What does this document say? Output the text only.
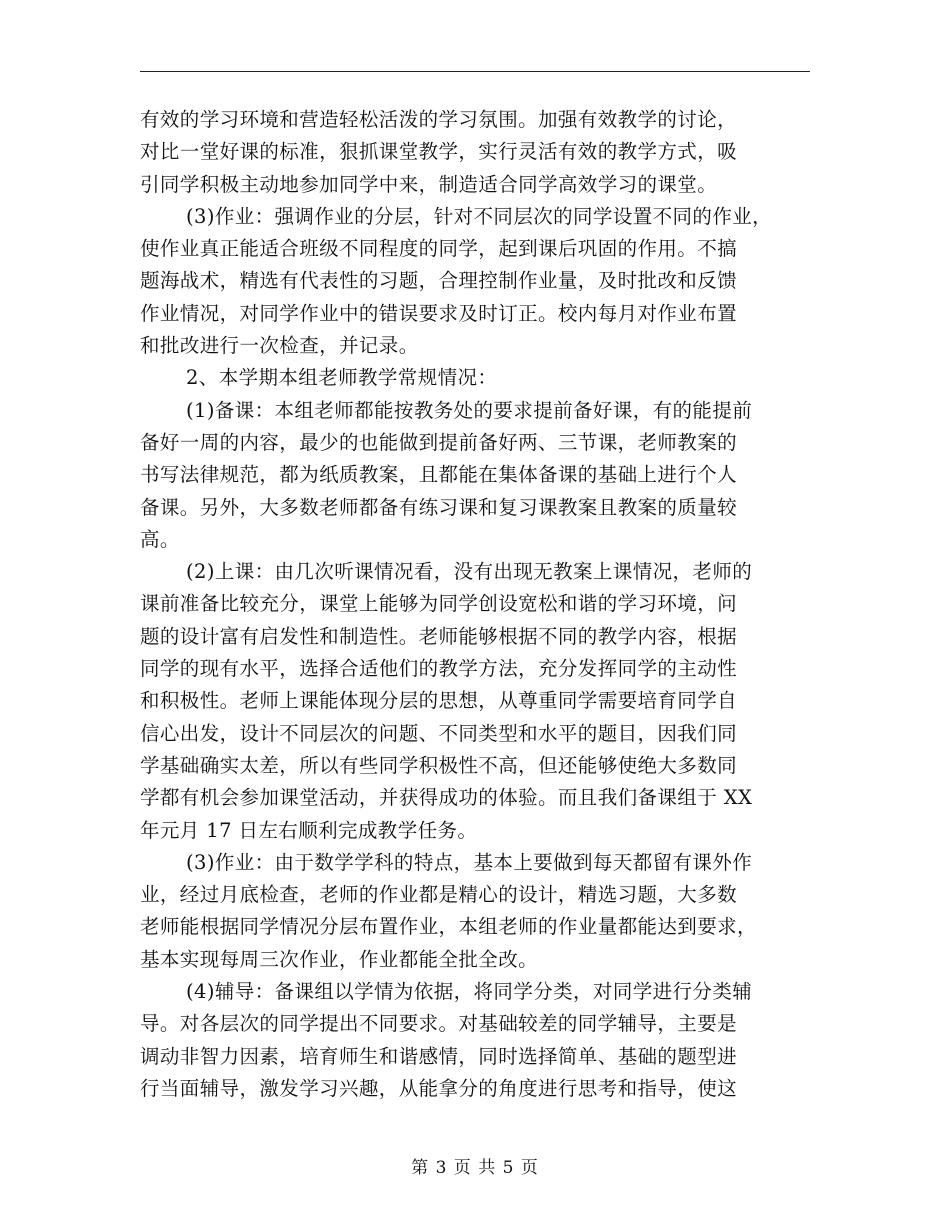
有效的学习环境和营造轻松活泼的学习氛围。加强有效教学的讨论，
对比一堂好课的标准，狠抓课堂教学，实行灵活有效的教学方式，吸
引同学积极主动地参加同学中来，制造适合同学高效学习的课堂。
(3)作业：强调作业的分层，针对不同层次的同学设置不同的作业，
使作业真正能适合班级不同程度的同学，起到课后巩固的作用。不搞
题海战术，精选有代表性的习题，合理控制作业量，及时批改和反馈
作业情况，对同学作业中的错误要求及时订正。校内每月对作业布置
和批改进行一次检查，并记录。
2、本学期本组老师教学常规情况：
(1)备课：本组老师都能按教务处的要求提前备好课，有的能提前
备好一周的内容，最少的也能做到提前备好两、三节课，老师教案的
书写法律规范，都为纸质教案，且都能在集体备课的基础上进行个人
备课。另外，大多数老师都备有练习课和复习课教案且教案的质量较
高。
(2)上课：由几次听课情况看，没有出现无教案上课情况，老师的
课前准备比较充分，课堂上能够为同学创设宽松和谐的学习环境，问
题的设计富有启发性和制造性。老师能够根据不同的教学内容，根据
同学的现有水平，选择合适他们的教学方法，充分发挥同学的主动性
和积极性。老师上课能体现分层的思想，从尊重同学需要培育同学自
信心出发，设计不同层次的问题、不同类型和水平的题目，因我们同
学基础确实太差，所以有些同学积极性不高，但还能够使绝大多数同
学都有机会参加课堂活动，并获得成功的体验。而且我们备课组于 XX
年元月 17 日左右顺利完成教学任务。
(3)作业：由于数学学科的特点，基本上要做到每天都留有课外作
业，经过月底检查，老师的作业都是精心的设计，精选习题，大多数
老师能根据同学情况分层布置作业，本组老师的作业量都能达到要求，
基本实现每周三次作业，作业都能全批全改。
(4)辅导：备课组以学情为依据，将同学分类，对同学进行分类辅
导。对各层次的同学提出不同要求。对基础较差的同学辅导，主要是
调动非智力因素，培育师生和谐感情，同时选择简单、基础的题型进
行当面辅导，激发学习兴趣，从能拿分的角度进行思考和指导，使这
第 3 页 共 5 页
